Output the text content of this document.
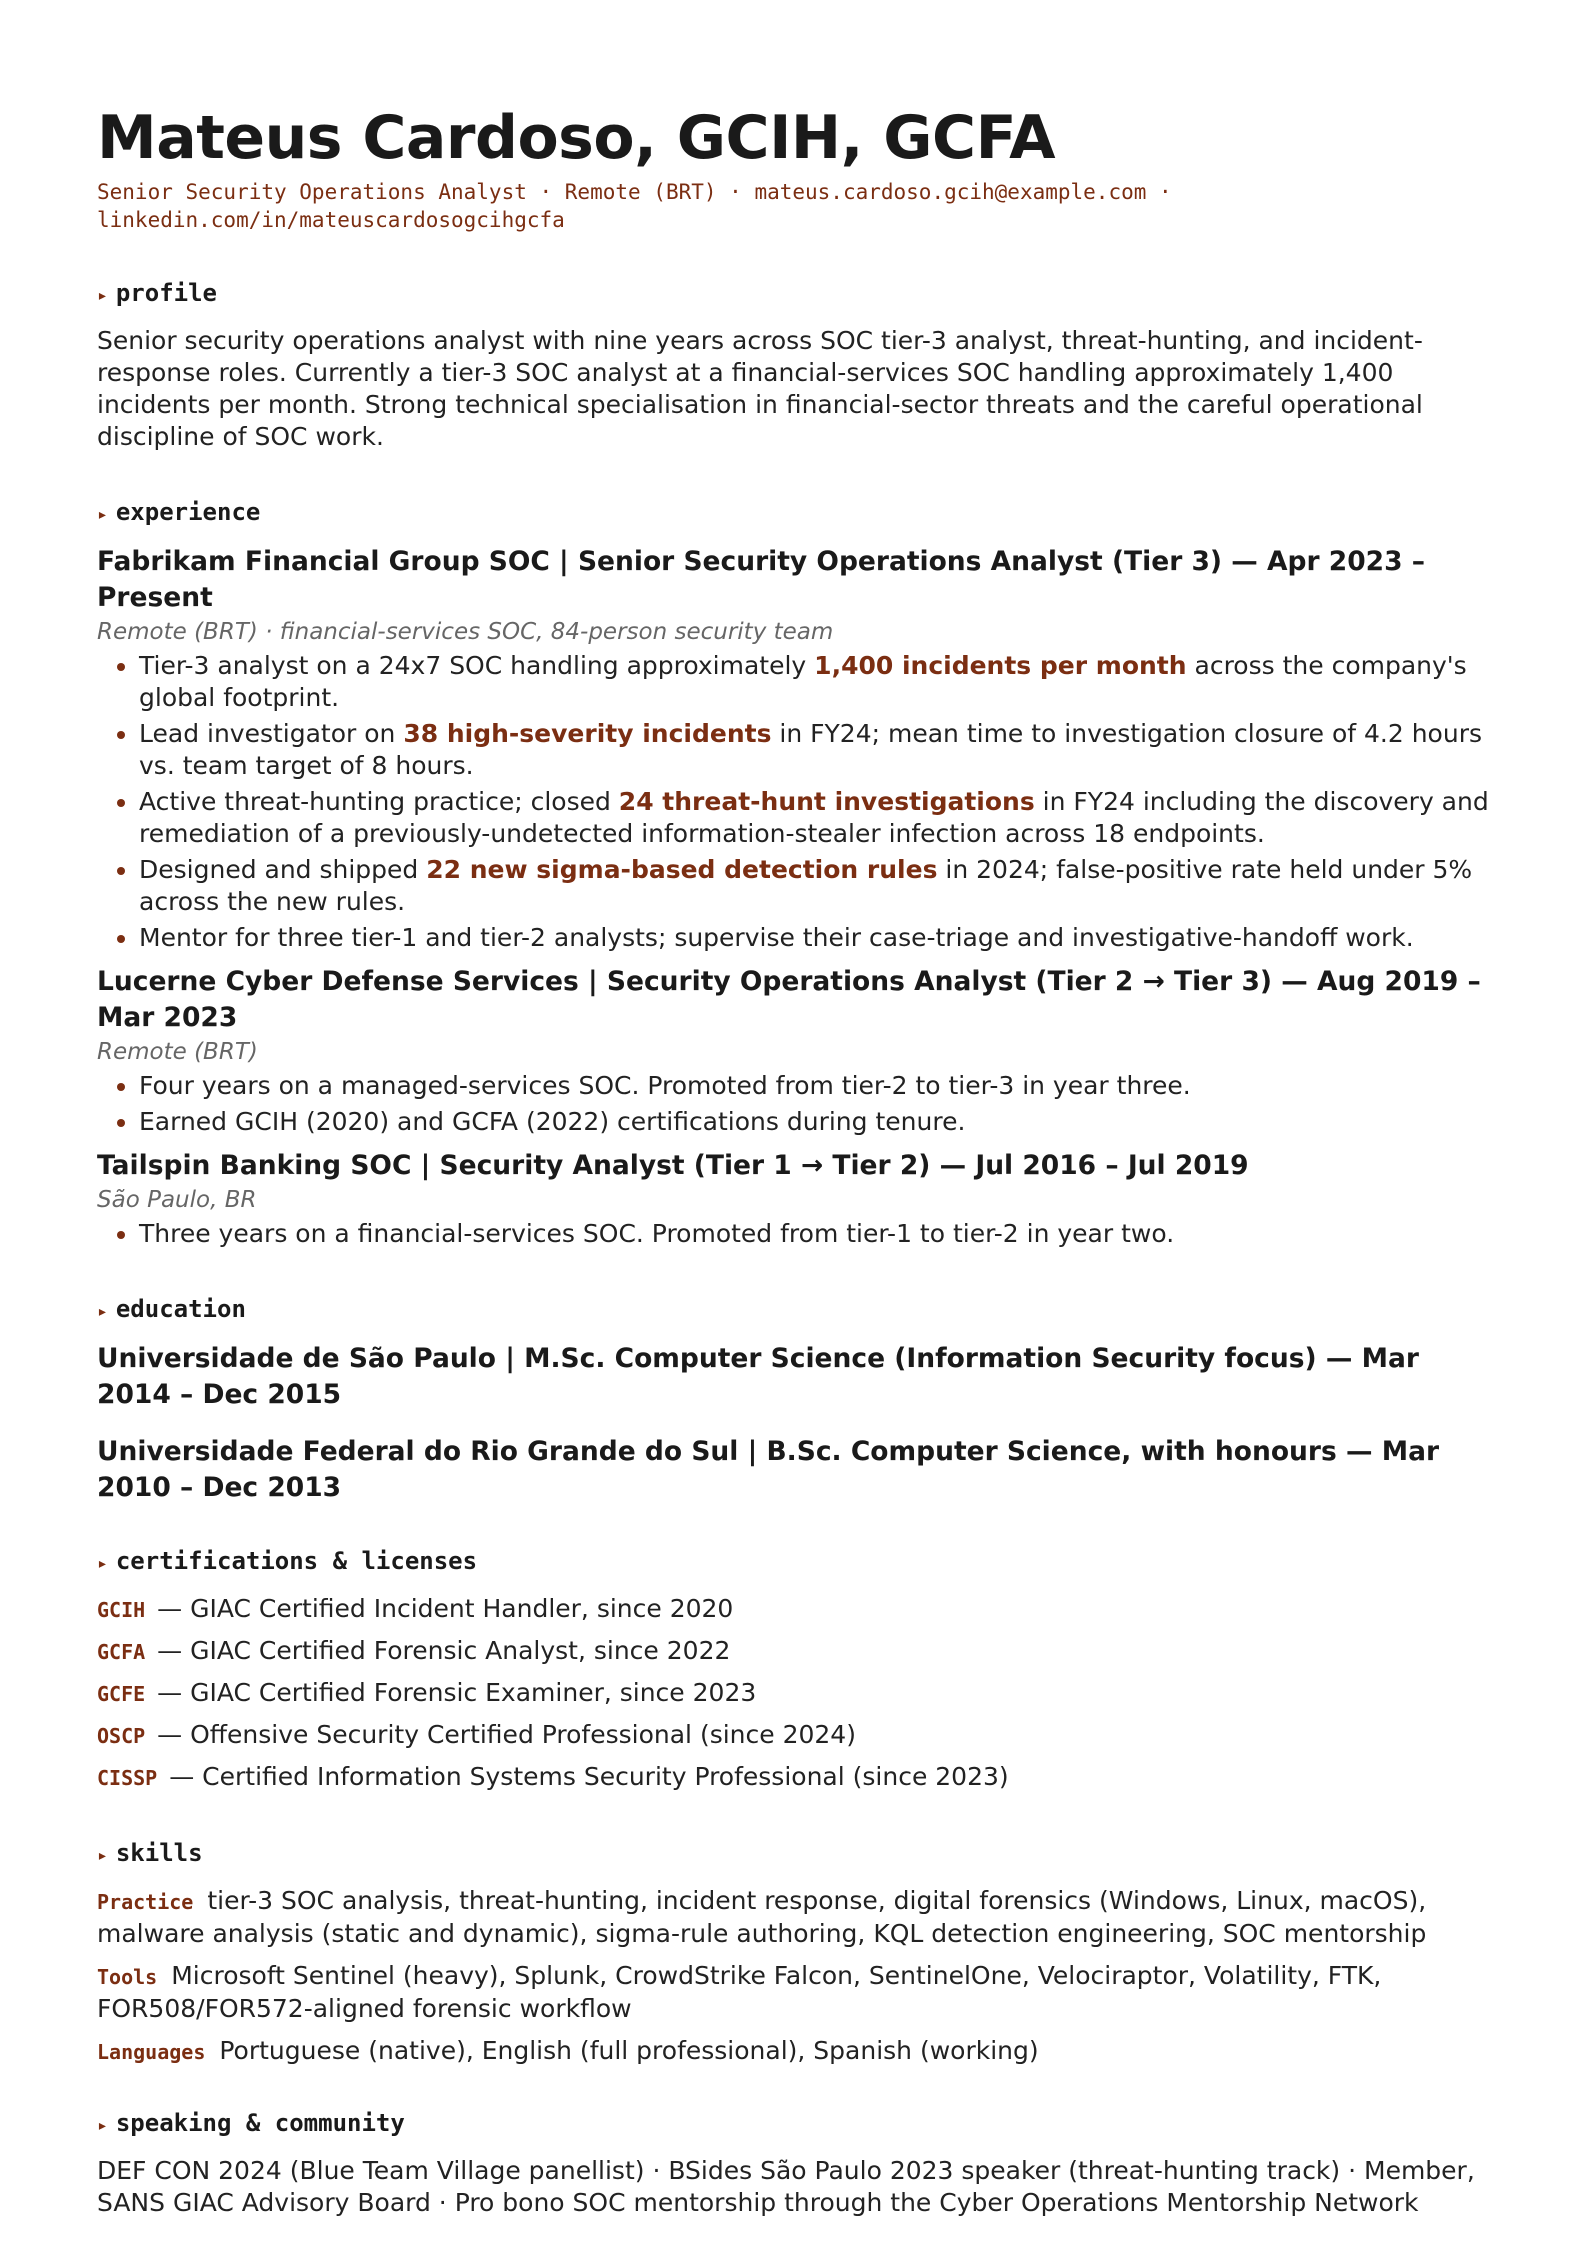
Mateus Cardoso, GCIH, GCFA
Senior Security Operations Analyst · Remote (BRT) · mateus.cardoso.gcih@example.com ·
linkedin.com/in/mateuscardosogcihgcfa
▸ profile

Senior security operations analyst with nine years across SOC tier-3 analyst, threat-hunting, and incident-response roles. Currently a tier-3 SOC analyst at a financial-services SOC handling approximately 1,400 incidents per month. Strong technical specialisation in financial-sector threats and the careful operational discipline of SOC work.

▸ experience
Fabrikam Financial Group SOC | Senior Security Operations Analyst (Tier 3) — Apr 2023 – Present
Remote (BRT) · financial-services SOC, 84-person security team
• Tier-3 analyst on a 24x7 SOC handling approximately 1,400 incidents per month across the company's global footprint.
• Lead investigator on 38 high-severity incidents in FY24; mean time to investigation closure of 4.2 hours vs. team target of 8 hours.
• Active threat-hunting practice; closed 24 threat-hunt investigations in FY24 including the discovery and remediation of a previously-undetected information-stealer infection across 18 endpoints.
• Designed and shipped 22 new sigma-based detection rules in 2024; false-positive rate held under 5% across the new rules.
• Mentor for three tier-1 and tier-2 analysts; supervise their case-triage and investigative-handoff work.
Lucerne Cyber Defense Services | Security Operations Analyst (Tier 2 → Tier 3) — Aug 2019 – Mar 2023
Remote (BRT)
• Four years on a managed-services SOC. Promoted from tier-2 to tier-3 in year three.
• Earned GCIH (2020) and GCFA (2022) certifications during tenure.
Tailspin Banking SOC | Security Analyst (Tier 1 → Tier 2) — Jul 2016 – Jul 2019
São Paulo, BR
• Three years on a financial-services SOC. Promoted from tier-1 to tier-2 in year two.
▸ education
Universidade de São Paulo | M.Sc. Computer Science (Information Security focus) — Mar 2014 – Dec 2015
Universidade Federal do Rio Grande do Sul | B.Sc. Computer Science, with honours — Mar 2010 – Dec 2013
▸ certifications & licenses
GCIH — GIAC Certified Incident Handler, since 2020
GCFA — GIAC Certified Forensic Analyst, since 2022
GCFE — GIAC Certified Forensic Examiner, since 2023
OSCP — Offensive Security Certified Professional (since 2024)
CISSP — Certified Information Systems Security Professional (since 2023)
▸ skills
Practice tier-3 SOC analysis, threat-hunting, incident response, digital forensics (Windows, Linux, macOS), malware analysis (static and dynamic), sigma-rule authoring, KQL detection engineering, SOC mentorship
Tools Microsoft Sentinel (heavy), Splunk, CrowdStrike Falcon, SentinelOne, Velociraptor, Volatility, FTK, FOR508/FOR572-aligned forensic workflow
Languages Portuguese (native), English (full professional), Spanish (working)
▸ speaking & community

DEF CON 2024 (Blue Team Village panellist) · BSides São Paulo 2023 speaker (threat-hunting track) · Member, SANS GIAC Advisory Board · Pro bono SOC mentorship through the Cyber Operations Mentorship Network
